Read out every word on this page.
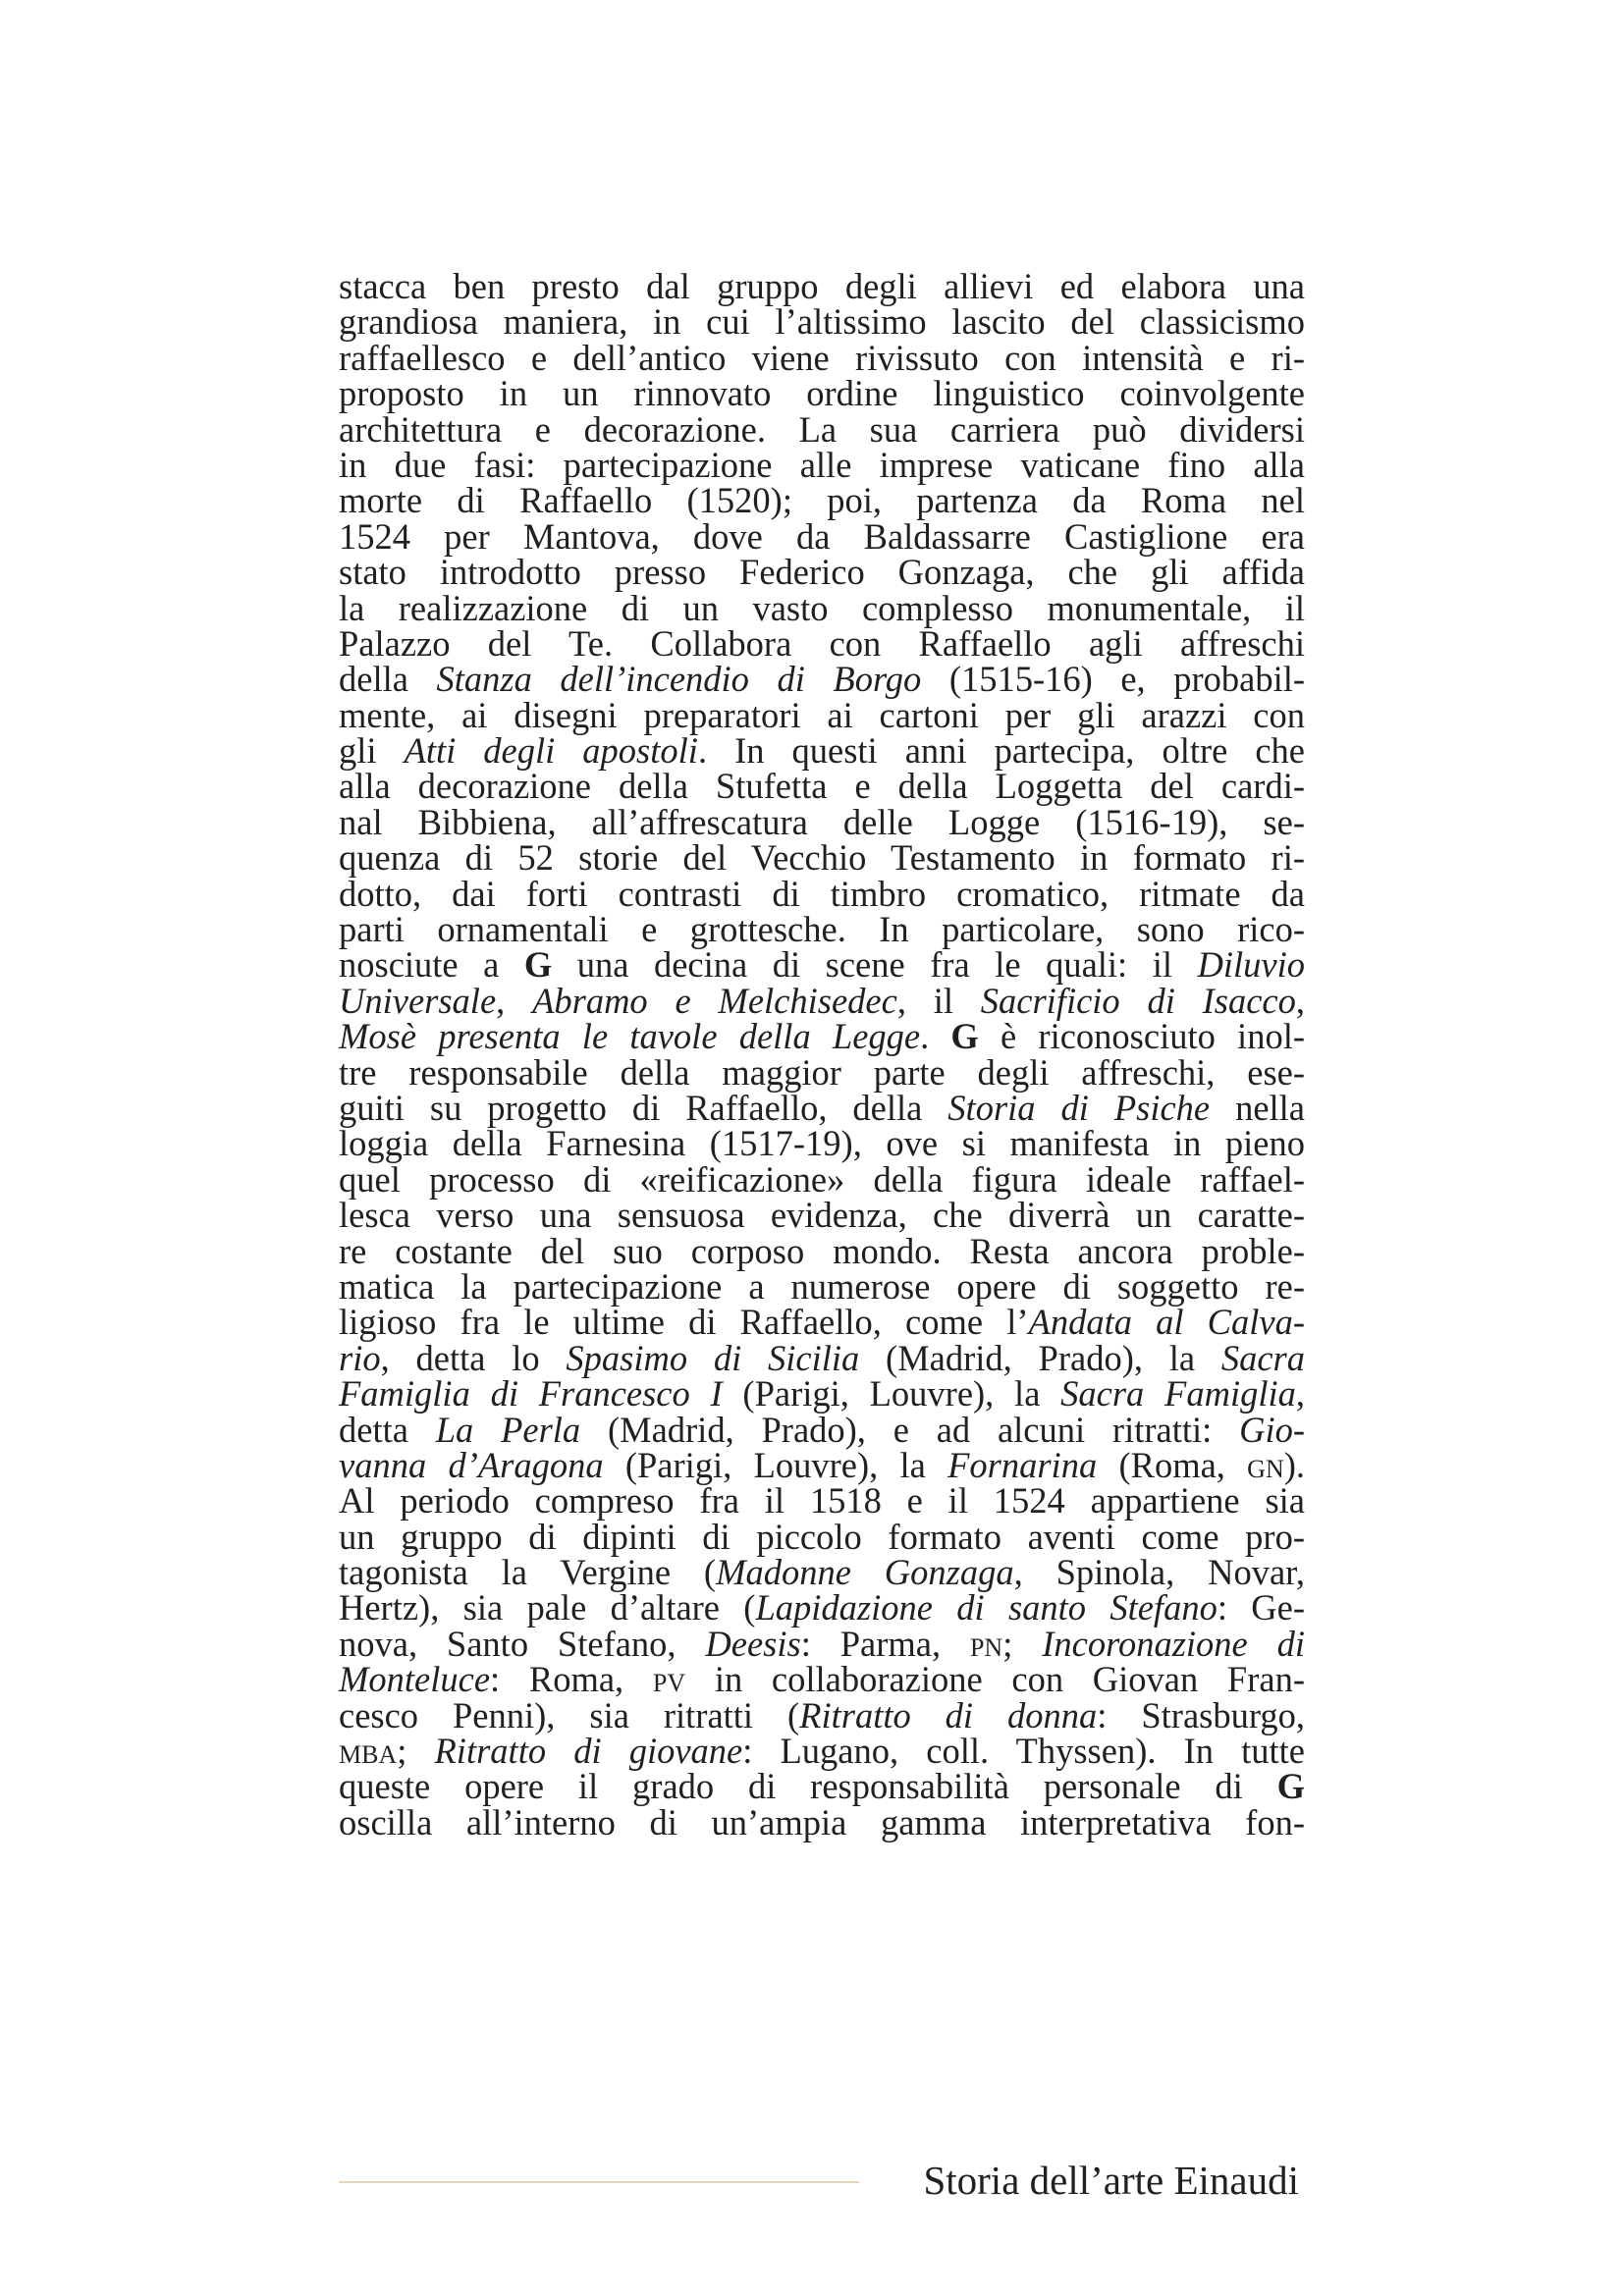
stacca ben presto dal gruppo degli allievi ed elabora una
grandiosa maniera, in cui l’altissimo lascito del classicismo
raffaellesco e dell’antico viene rivissuto con intensità e ri-
proposto in un rinnovato ordine linguistico coinvolgente
architettura e decorazione. La sua carriera può dividersi
in due fasi: partecipazione alle imprese vaticane fino alla
morte di Raffaello (1520); poi, partenza da Roma nel
1524 per Mantova, dove da Baldassarre Castiglione era
stato introdotto presso Federico Gonzaga, che gli affida
la realizzazione di un vasto complesso monumentale, il
Palazzo del Te. Collabora con Raffaello agli affreschi
della Stanza dell’incendio di Borgo (1515-16) e, probabil-
mente, ai disegni preparatori ai cartoni per gli arazzi con
gli Atti degli apostoli. In questi anni partecipa, oltre che
alla decorazione della Stufetta e della Loggetta del cardi-
nal Bibbiena, all’affrescatura delle Logge (1516-19), se-
quenza di 52 storie del Vecchio Testamento in formato ri-
dotto, dai forti contrasti di timbro cromatico, ritmate da
parti ornamentali e grottesche. In particolare, sono rico-
nosciute a G una decina di scene fra le quali: il Diluvio
Universale, Abramo e Melchisedec, il Sacrificio di Isacco,
Mosè presenta le tavole della Legge. G è riconosciuto inol-
tre responsabile della maggior parte degli affreschi, ese-
guiti su progetto di Raffaello, della Storia di Psiche nella
loggia della Farnesina (1517-19), ove si manifesta in pieno
quel processo di «reificazione» della figura ideale raffael-
lesca verso una sensuosa evidenza, che diverrà un caratte-
re costante del suo corposo mondo. Resta ancora proble-
matica la partecipazione a numerose opere di soggetto re-
ligioso fra le ultime di Raffaello, come l’Andata al Calva-
rio, detta lo Spasimo di Sicilia (Madrid, Prado), la Sacra
Famiglia di Francesco I (Parigi, Louvre), la Sacra Famiglia,
detta La Perla (Madrid, Prado), e ad alcuni ritratti: Gio-
vanna d’Aragona (Parigi, Louvre), la Fornarina (Roma, gn).
Al periodo compreso fra il 1518 e il 1524 appartiene sia
un gruppo di dipinti di piccolo formato aventi come pro-
tagonista la Vergine (Madonne Gonzaga, Spinola, Novar,
Hertz), sia pale d’altare (Lapidazione di santo Stefano: Ge-
nova, Santo Stefano, Deesis: Parma, pn; Incoronazione di
Monteluce: Roma, pv in collaborazione con Giovan Fran-
cesco Penni), sia ritratti (Ritratto di donna: Strasburgo,
mba; Ritratto di giovane: Lugano, coll. Thyssen). In tutte
queste opere il grado di responsabilità personale di G
oscilla all’interno di un’ampia gamma interpretativa fon-
Storia dell’arte Einaudi
